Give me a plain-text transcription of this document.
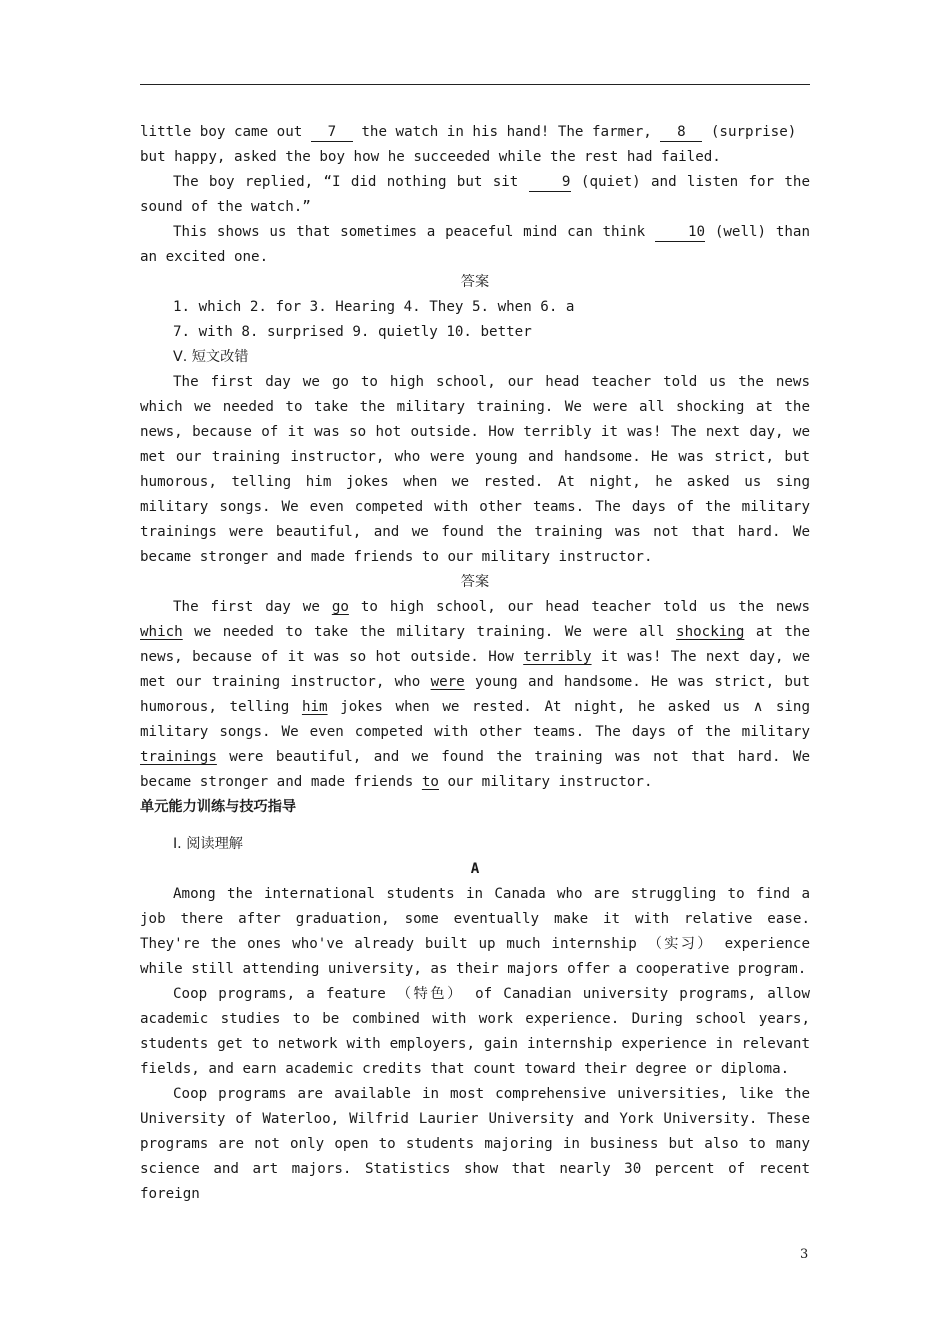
little boy came out 7 the watch in his hand! The farmer, 8 (surprise)

but happy, asked the boy how he succeeded while the rest had failed.

The boy replied, “I did nothing but sit 9 (quiet) and listen for the sound of the watch.”

This shows us that sometimes a peaceful mind can think 10 (well) than an excited one.

答案

1. which 2. for 3. Hearing 4. They 5. when 6. a

7. with 8. surprised 9. quietly 10. better

Ⅴ. 短文改错

The first day we go to high school, our head teacher told us the news which we needed to take the military training. We were all shocking at the news, because of it was so hot outside. How terribly it was! The next day, we met our training instructor, who were young and handsome. He was strict, but humorous, telling him jokes when we rested. At night, he asked us sing military songs. We even competed with other teams. The days of the military trainings were beautiful, and we found the training was not that hard. We became stronger and made friends to our military instructor.

答案

The first day we go to high school, our head teacher told us the news which we needed to take the military training. We were all shocking at the news, because of it was so hot outside. How terribly it was! The next day, we met our training instructor, who were young and handsome. He was strict, but humorous, telling him jokes when we rested. At night, he asked us ∧ sing military songs. We even competed with other teams. The days of the military trainings were beautiful, and we found the training was not that hard. We became stronger and made friends to our military instructor.

单元能力训练与技巧指导

Ⅰ. 阅读理解

A

Among the international students in Canada who are struggling to find a job there after graduation, some eventually make it with relative ease. They're the ones who've already built up much internship （实习） experience while still attending university, as their majors offer a cooperative program.

Coop programs, a feature （特色） of Canadian university programs, allow academic studies to be combined with work experience. During school years, students get to network with employers, gain internship experience in relevant fields, and earn academic credits that count toward their degree or diploma.

Coop programs are available in most comprehensive universities, like the University of Waterloo, Wilfrid Laurier University and York University. These programs are not only open to students majoring in business but also to many science and art majors. Statistics show that nearly 30 percent of recent foreign

3
